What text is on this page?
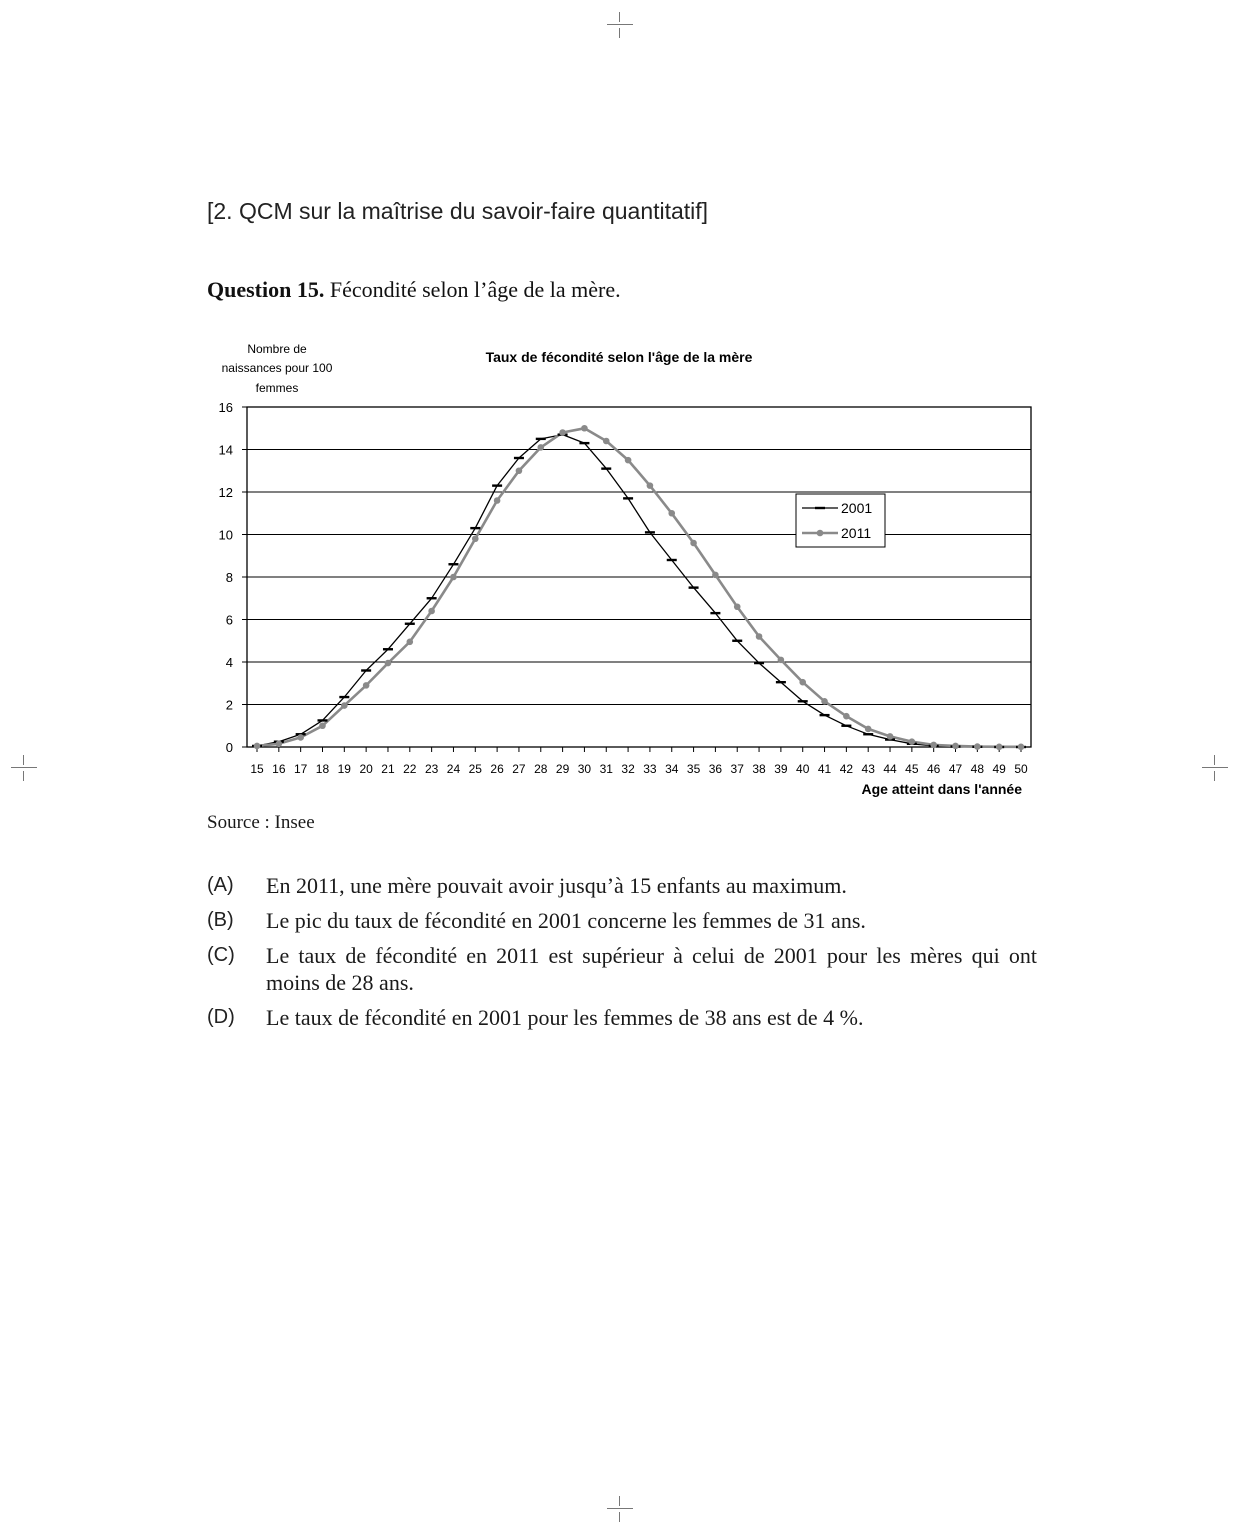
[2. QCM sur la maîtrise du savoir-faire quantitatif]
Question 15. Fécondité selon l’âge de la mère.
Taux de fécondité selon l'âge de la mère
Nombre de
naissances pour 100
femmes
0
2
4
6
8
10
12
14
16
15 16 17 18 19 20 21 22 23 24 25 26 27 28 29 30 31 32 33 34 35 36 37 38 39 40 41 42 43 44 45 46 47 48 49 50
Age atteint dans l'année
2001
2011
Source : Insee
(A) En 2011, une mère pouvait avoir jusqu’à 15 enfants au maximum.
(B) Le pic du taux de fécondité en 2001 concerne les femmes de 31 ans.
(C) Le taux de fécondité en 2011 est supérieur à celui de 2001 pour les mères qui ont moins de 28 ans.
(D) Le taux de fécondité en 2001 pour les femmes de 38 ans est de 4 %.
